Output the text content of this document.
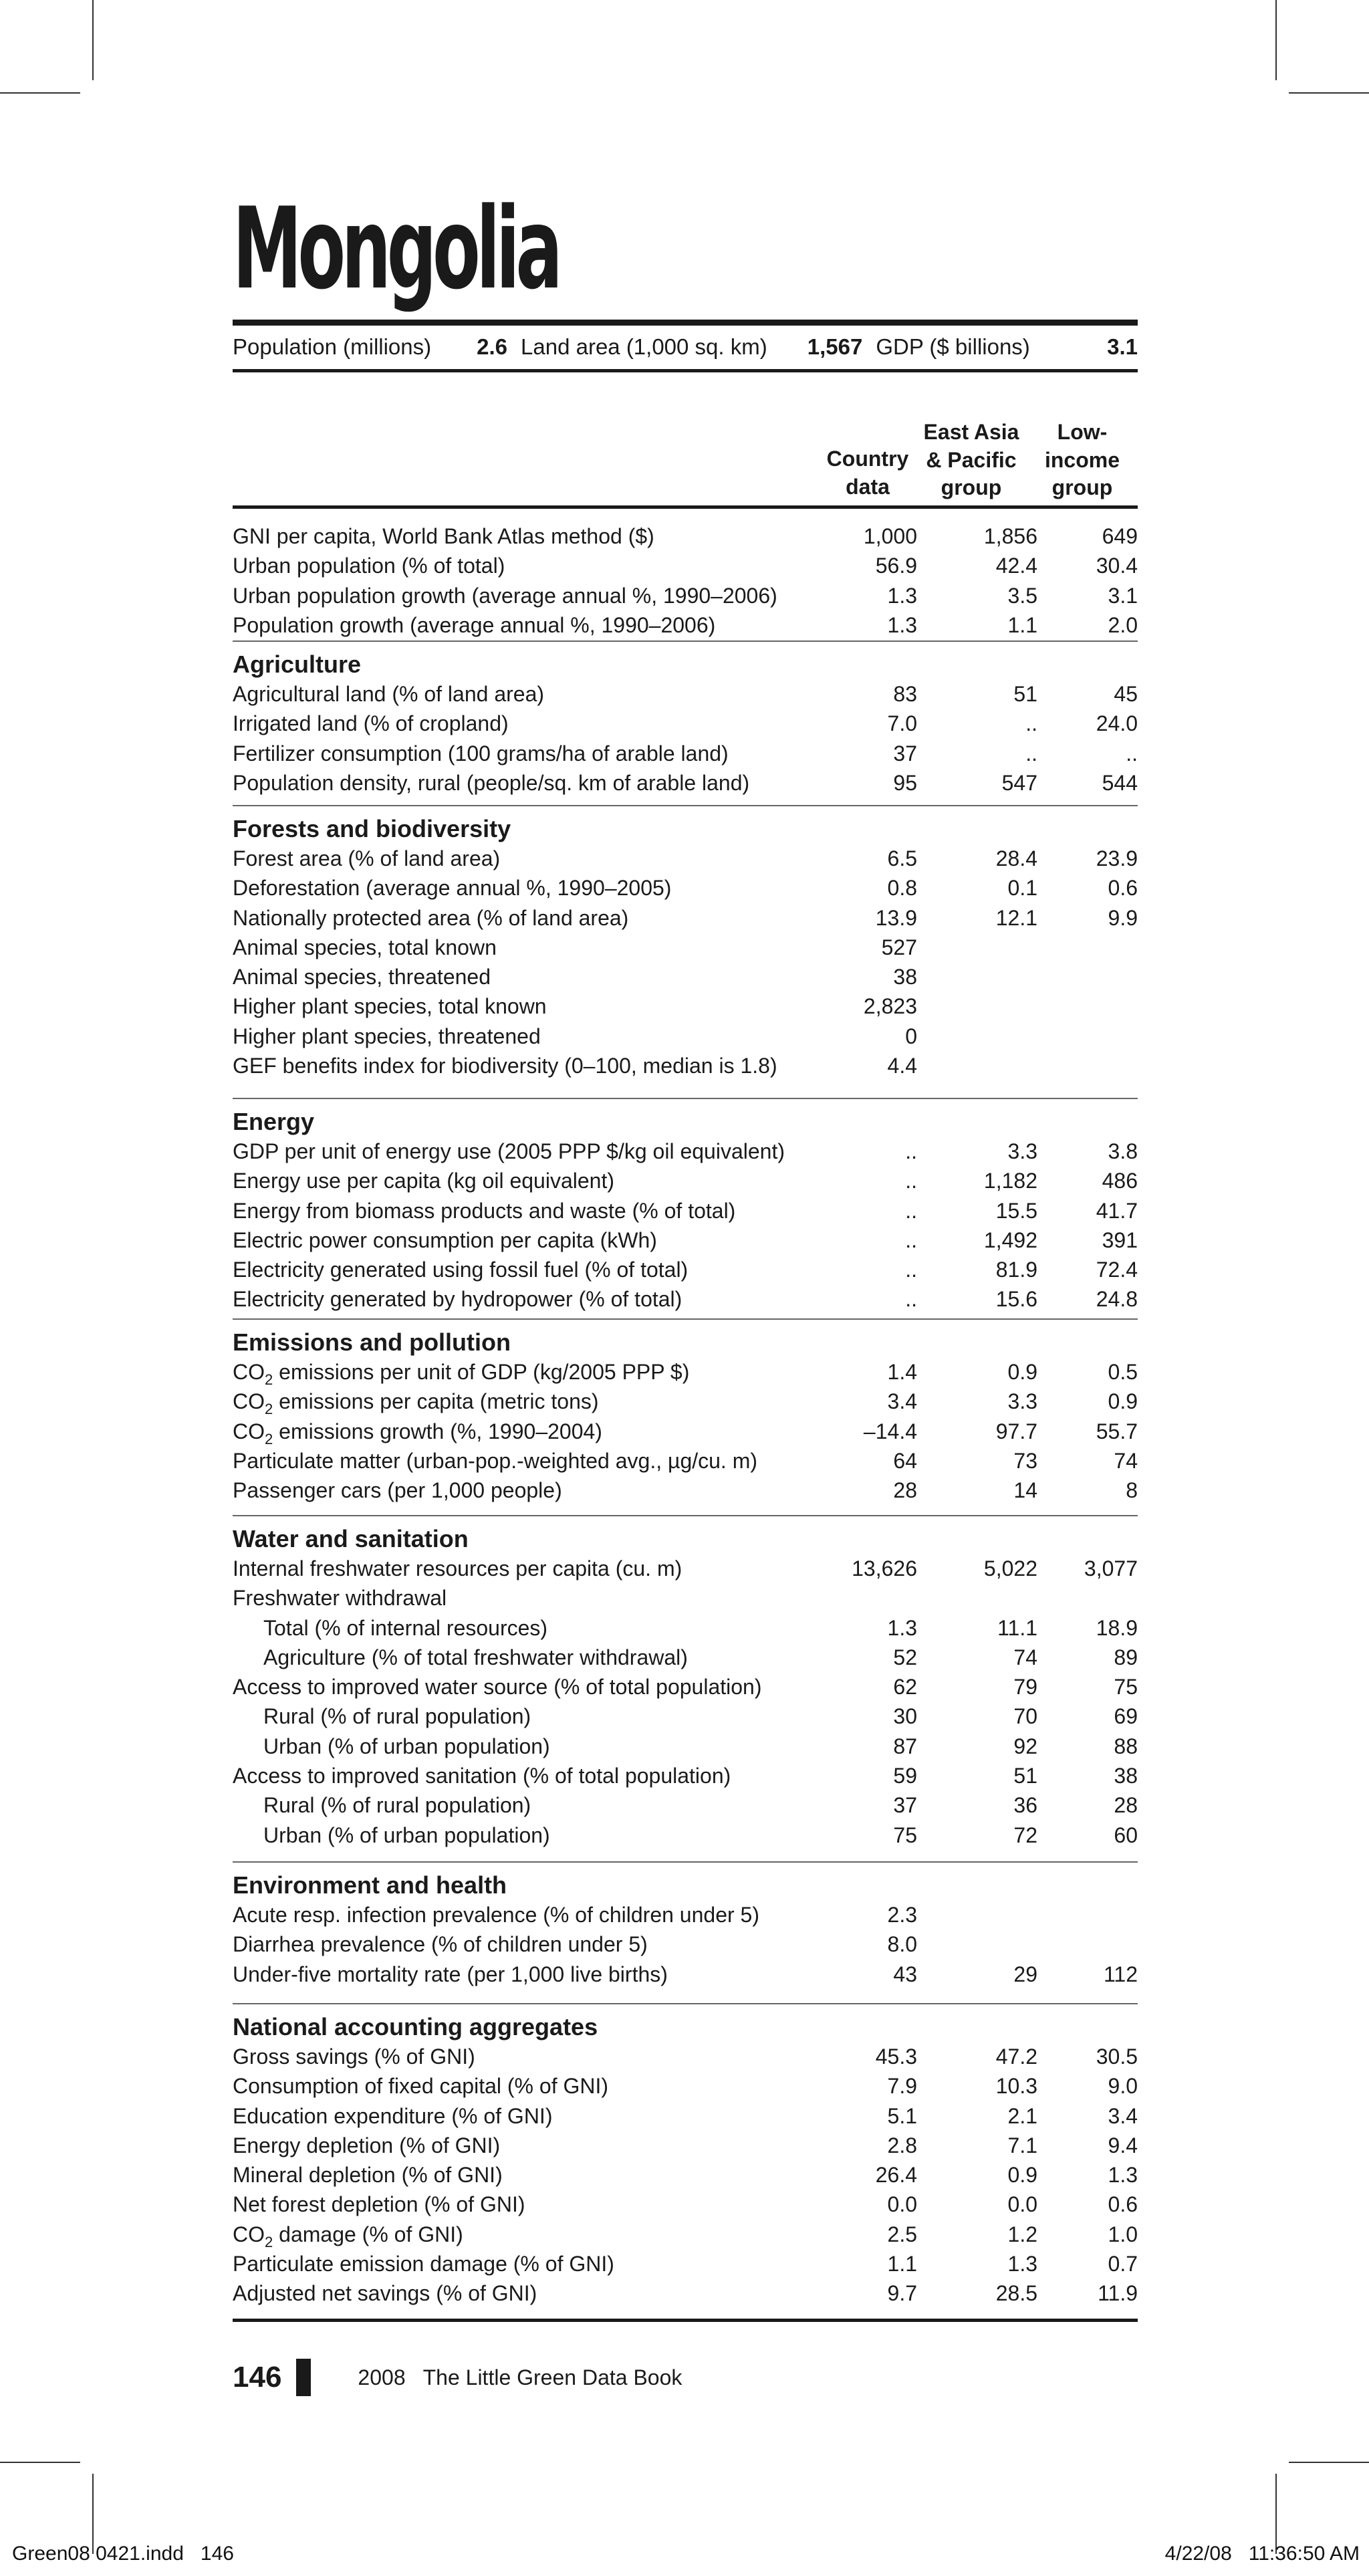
Mongolia
Population (millions) 2.6 Land area (1,000 sq. km) 1,567 GDP ($ billions)	3.1
Country data
East Asia & Pacific group
Low-income group
GNI per capita, World Bank Atlas method ($)	1,000	1,856	649
Urban population (% of total)	56.9	42.4	30.4
Urban population growth (average annual %, 1990–2006)	1.3	3.5	3.1
Population growth (average annual %, 1990–2006)	1.3	1.1	2.0
Agriculture
Agricultural land (% of land area)	83	51	45
Irrigated land (% of cropland)	7.0	..	24.0
Fertilizer consumption (100 grams/ha of arable land)	37	..	..
Population density, rural (people/sq. km of arable land)	95	547	544
Forests and biodiversity
Forest area (% of land area)	6.5	28.4	23.9
Deforestation (average annual %, 1990–2005)	0.8	0.1	0.6
Nationally protected area (% of land area)	13.9	12.1	9.9
Animal species, total known	527
Animal species, threatened	38
Higher plant species, total known	2,823
Higher plant species, threatened	0
GEF benefits index for biodiversity (0–100, median is 1.8)	4.4
Energy
GDP per unit of energy use (2005 PPP $/kg oil equivalent)	..	3.3	3.8
Energy use per capita (kg oil equivalent)	..	1,182	486
Energy from biomass products and waste (% of total)	..	15.5	41.7
Electric power consumption per capita (kWh)	..	1,492	391
Electricity generated using fossil fuel (% of total)	..	81.9	72.4
Electricity generated by hydropower (% of total)	..	15.6	24.8
Emissions and pollution
$CO_2$ emissions per unit of GDP (kg/2005 PPP $)	1.4	0.9	0.5
$CO_2$ emissions per capita (metric tons)	3.4	3.3	0.9
$CO_2$ emissions growth (%, 1990–2004)	–14.4	97.7	55.7
Particulate matter (urban-pop.-weighted avg., µg/cu. m)	64	73	74
Passenger cars (per 1,000 people)	28	14	8
Water and sanitation
Internal freshwater resources per capita (cu. m)	13,626	5,022 3,077
Freshwater withdrawal
Total (% of internal resources)	1.3	11.1	18.9
Agriculture (% of total freshwater withdrawal)	52	74	89
Access to improved water source (% of total population)	62	79	75
Rural (% of rural population)	30	70	69
Urban (% of urban population)	87	92	88
Access to improved sanitation (% of total population)	59	51	38
Rural (% of rural population)	37	36	28
Urban (% of urban population)	75	72	60
Environment and health
Acute resp. infection prevalence (% of children under 5)	2.3
Diarrhea prevalence (% of children under 5)	8.0
Under-five mortality rate (per 1,000 live births)	43	29	112
National accounting aggregates
Gross savings (% of GNI)	45.3	47.2	30.5
Consumption of fixed capital (% of GNI)	7.9	10.3	9.0
Education expenditure (% of GNI)	5.1	2.1	3.4
Energy depletion (% of GNI)	2.8	7.1	9.4
Mineral depletion (% of GNI)	26.4	0.9	1.3
Net forest depletion (% of GNI)	0.0	0.0	0.6
$CO_2$ damage (% of GNI)	2.5	1.2	1.0
Particulate emission damage (% of GNI)	1.1	1.3	0.7
Adjusted net savings (% of GNI)	9.7	28.5	11.9
146	2008 The Little Green Data Book
Green08 0421.indd   146	4/22/08   11:36:50 AM
